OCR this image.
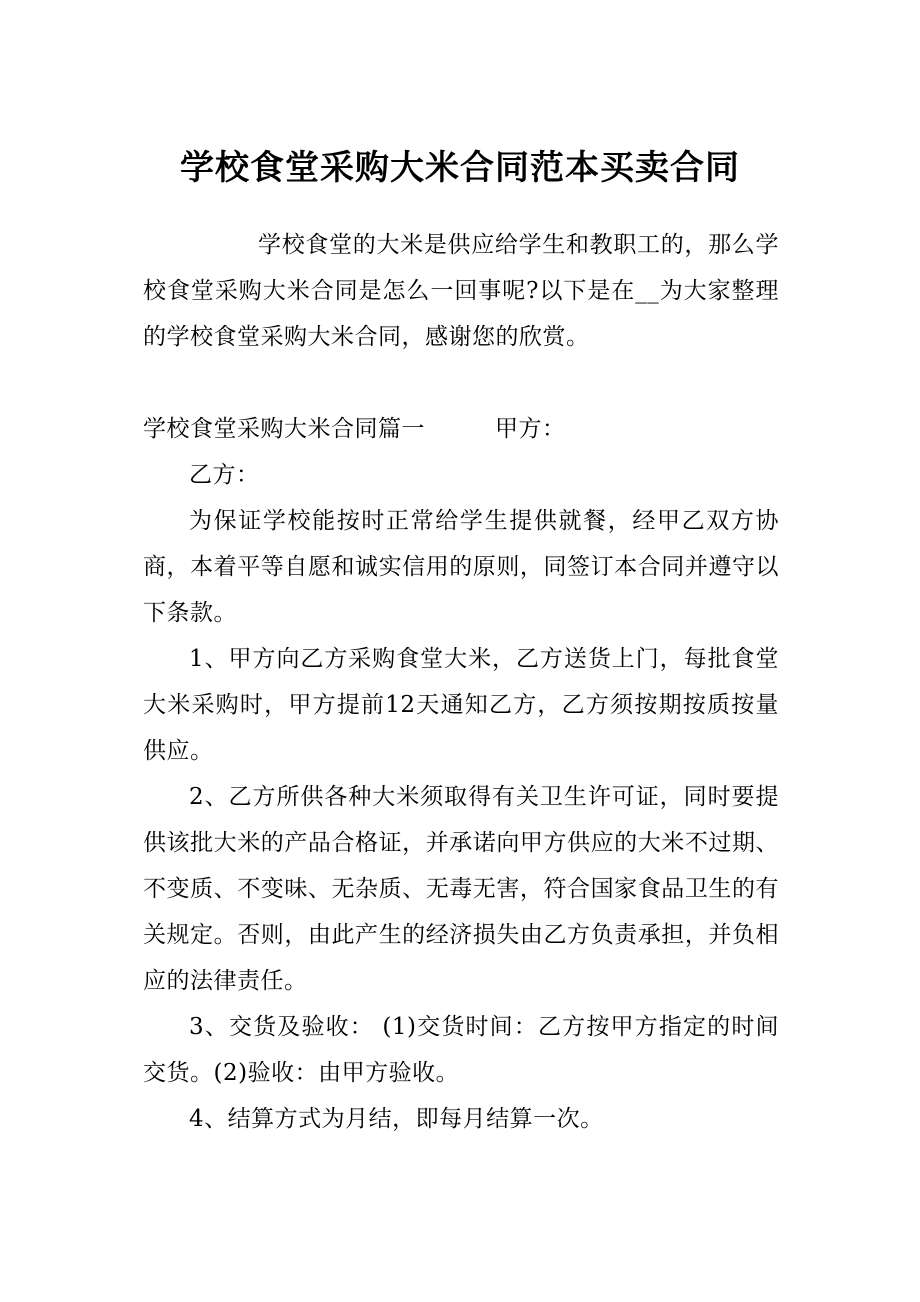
学校食堂采购大米合同范本买卖合同

学校食堂的大米是供应给学生和教职工的，那么学校食堂采购大米合同是怎么一回事呢?以下是在__为大家整理的学校食堂采购大米合同，感谢您的欣赏。

学校食堂采购大米合同篇一	甲方：

乙方：

为保证学校能按时正常给学生提供就餐，经甲乙双方协商，本着平等自愿和诚实信用的原则，同签订本合同并遵守以下条款。

1、甲方向乙方采购食堂大米，乙方送货上门，每批食堂大米采购时，甲方提前12天通知乙方，乙方须按期按质按量供应。

2、乙方所供各种大米须取得有关卫生许可证，同时要提供该批大米的产品合格证，并承诺向甲方供应的大米不过期、不变质、不变味、无杂质、无毒无害，符合国家食品卫生的有关规定。否则，由此产生的经济损失由乙方负责承担，并负相应的法律责任。

3、交货及验收： (1)交货时间：乙方按甲方指定的时间交货。(2)验收：由甲方验收。

4、结算方式为月结，即每月结算一次。
